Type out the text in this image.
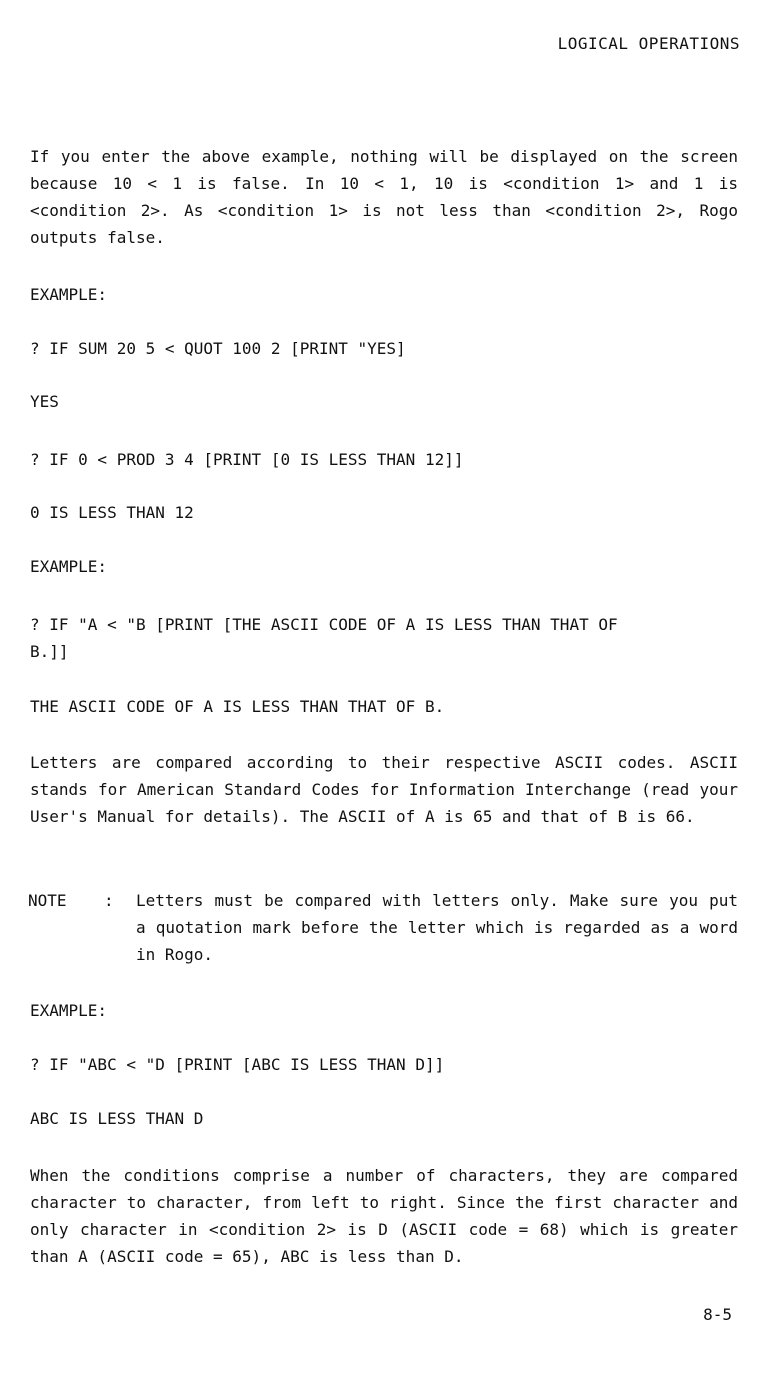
LOGICAL OPERATIONS
If you enter the above example, nothing will be displayed on the screen because 10 < 1 is false. In 10 < 1, 10 is <condition 1> and 1 is <condition 2>. As <condition 1> is not less than <condition 2>, Rogo outputs false.
EXAMPLE:
? IF SUM 20 5 < QUOT 100 2 [PRINT "YES]
YES
? IF 0 < PROD 3 4 [PRINT [0 IS LESS THAN 12]]
0 IS LESS THAN 12
EXAMPLE:
? IF "A < "B [PRINT [THE ASCII CODE OF A IS LESS THAN THAT OF
B.]]
THE ASCII CODE OF A IS LESS THAN THAT OF B.
Letters are compared according to their respective ASCII codes. ASCII stands for American Standard Codes for Information Interchange (read your User's Manual for details). The ASCII of A is 65 and that of B is 66.
NOTE : Letters must be compared with letters only. Make sure you put a quotation mark before the letter which is regarded as a word in Rogo.
EXAMPLE:
? IF "ABC < "D [PRINT [ABC IS LESS THAN D]]
ABC IS LESS THAN D
When the conditions comprise a number of characters, they are compared character to character, from left to right. Since the first character and only character in <condition 2> is D (ASCII code = 68) which is greater than A (ASCII code = 65), ABC is less than D.
8-5
